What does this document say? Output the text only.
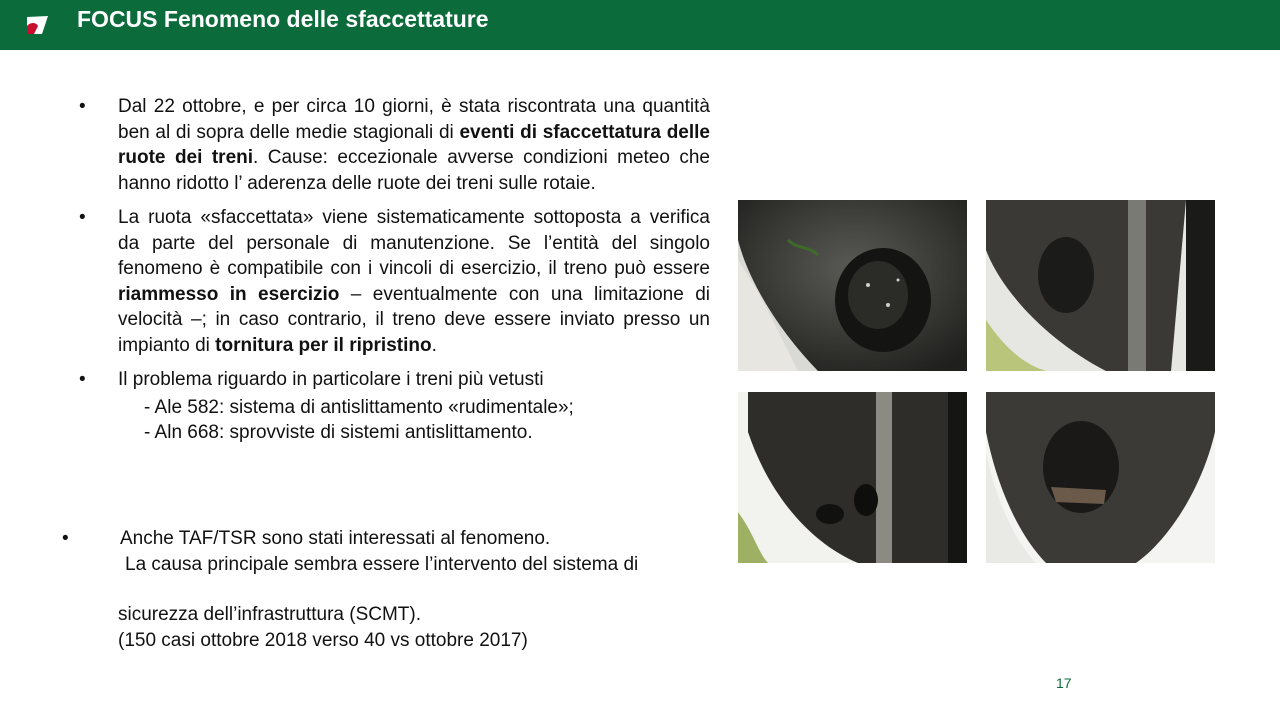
FOCUS Fenomeno delle sfaccettature
• Dal 22 ottobre, e per circa 10 giorni, è stata riscontrata una quantità ben al di sopra delle medie stagionali di eventi di sfaccettatura delle ruote dei treni. Cause: eccezionale avverse condizioni meteo che hanno ridotto l’ aderenza delle ruote dei treni sulle rotaie.
• La ruota «sfaccettata» viene sistematicamente sottoposta a verifica da parte del personale di manutenzione. Se l’entità del singolo fenomeno è compatibile con i vincoli di esercizio, il treno può essere riammesso in esercizio – eventualmente con una limitazione di velocità –; in caso contrario, il treno deve essere inviato presso un impianto di tornitura per il ripristino.
• Il problema riguardo in particolare i treni più vetusti
- Ale 582: sistema di antislittamento «rudimentale»;
- Aln 668: sprovviste di sistemi antislittamento.
•	Anche TAF/TSR sono stati interessati al fenomeno.
La causa principale sembra essere l’intervento del sistema di
sicurezza dell’infrastruttura (SCMT).
(150 casi ottobre 2018 verso 40 vs ottobre 2017)
17
